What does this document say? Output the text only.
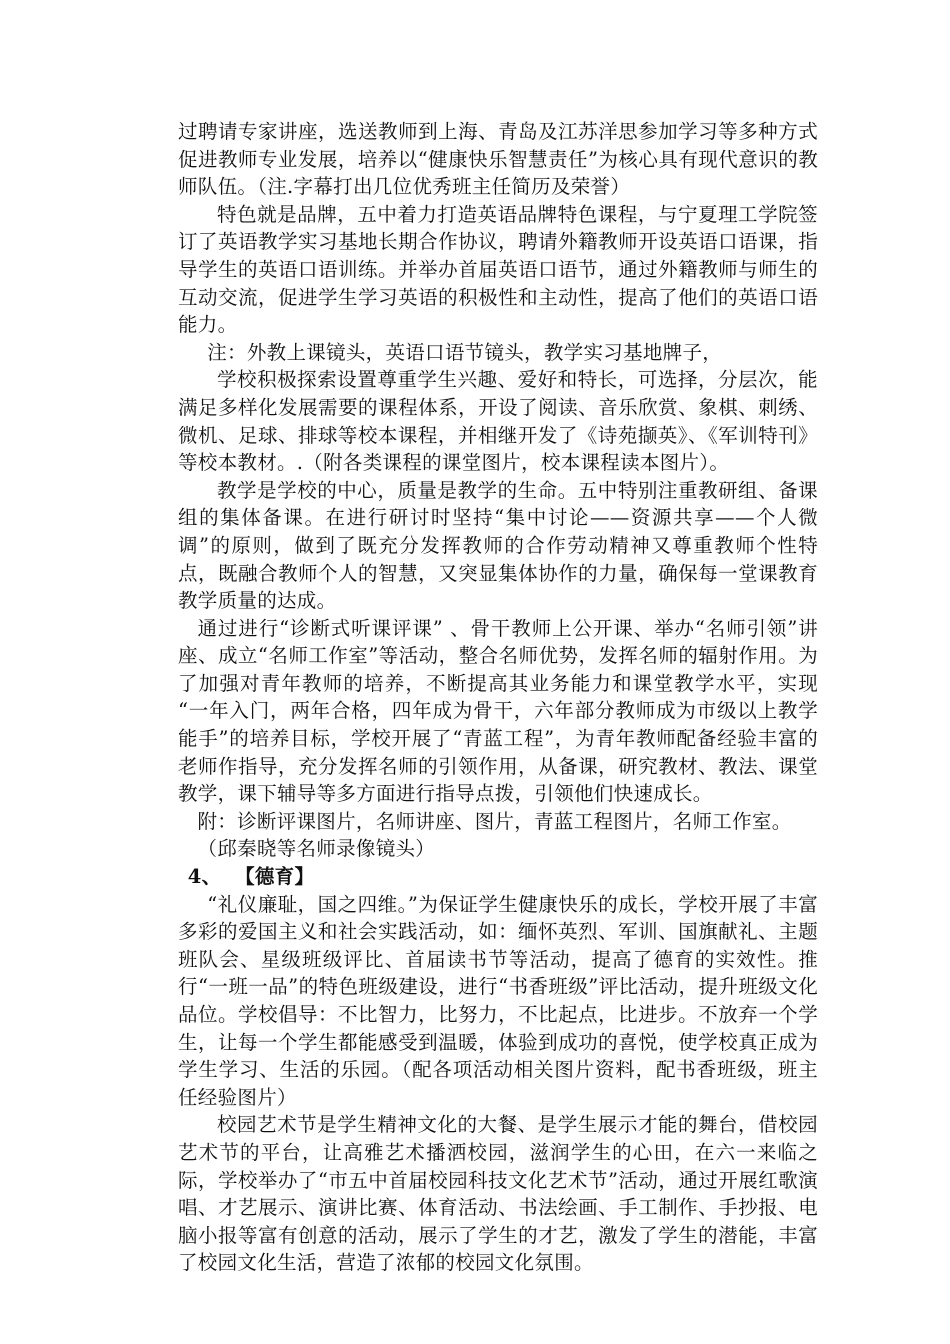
过聘请专家讲座，选送教师到上海、青岛及江苏洋思参加学习等多种方式促进教师专业发展，培养以“健康快乐智慧责任”为核心具有现代意识的教师队伍。（注.字幕打出几位优秀班主任简历及荣誉）

特色就是品牌，五中着力打造英语品牌特色课程，与宁夏理工学院签订了英语教学实习基地长期合作协议，聘请外籍教师开设英语口语课，指导学生的英语口语训练。并举办首届英语口语节，通过外籍教师与师生的互动交流，促进学生学习英语的积极性和主动性，提高了他们的英语口语能力。

注：外教上课镜头，英语口语节镜头，教学实习基地牌子，

学校积极探索设置尊重学生兴趣、爱好和特长，可选择，分层次，能满足多样化发展需要的课程体系，开设了阅读、音乐欣赏、象棋、刺绣、微机、足球、排球等校本课程，并相继开发了《诗苑撷英》、《军训特刊》等校本教材。.（附各类课程的课堂图片，校本课程读本图片）。

教学是学校的中心，质量是教学的生命。五中特别注重教研组、备课组的集体备课。在进行研讨时坚持“集中讨论——资源共享——个人微调”的原则，做到了既充分发挥教师的合作劳动精神又尊重教师个性特点，既融合教师个人的智慧，又突显集体协作的力量，确保每一堂课教育教学质量的达成。

通过进行“诊断式听课评课” 、骨干教师上公开课、举办“名师引领”讲座、成立“名师工作室”等活动，整合名师优势，发挥名师的辐射作用。为了加强对青年教师的培养，不断提高其业务能力和课堂教学水平，实现 “一年入门，两年合格，四年成为骨干，六年部分教师成为市级以上教学能手”的培养目标，学校开展了“青蓝工程”，为青年教师配备经验丰富的老师作指导，充分发挥名师的引领作用，从备课，研究教材、教法、课堂教学，课下辅导等多方面进行指导点拨，引领他们快速成长。

附：诊断评课图片，名师讲座、图片，青蓝工程图片，名师工作室。

（邱秦晓等名师录像镜头）

4、 【德育】

“礼仪廉耻，国之四维。”为保证学生健康快乐的成长，学校开展了丰富多彩的爱国主义和社会实践活动，如：缅怀英烈、军训、国旗献礼、主题班队会、星级班级评比、首届读书节等活动，提高了德育的实效性。推行“一班一品”的特色班级建设，进行“书香班级”评比活动，提升班级文化品位。学校倡导：不比智力，比努力，不比起点，比进步。不放弃一个学生，让每一个学生都能感受到温暖，体验到成功的喜悦，使学校真正成为学生学习、生活的乐园。（配各项活动相关图片资料，配书香班级，班主任经验图片）

校园艺术节是学生精神文化的大餐、是学生展示才能的舞台，借校园艺术节的平台，让高雅艺术播洒校园，滋润学生的心田，在六一来临之际，学校举办了“市五中首届校园科技文化艺术节”活动，通过开展红歌演唱、才艺展示、演讲比赛、体育活动、书法绘画、手工制作、手抄报、电脑小报等富有创意的活动，展示了学生的才艺，激发了学生的潜能，丰富了校园文化生活，营造了浓郁的校园文化氛围。
